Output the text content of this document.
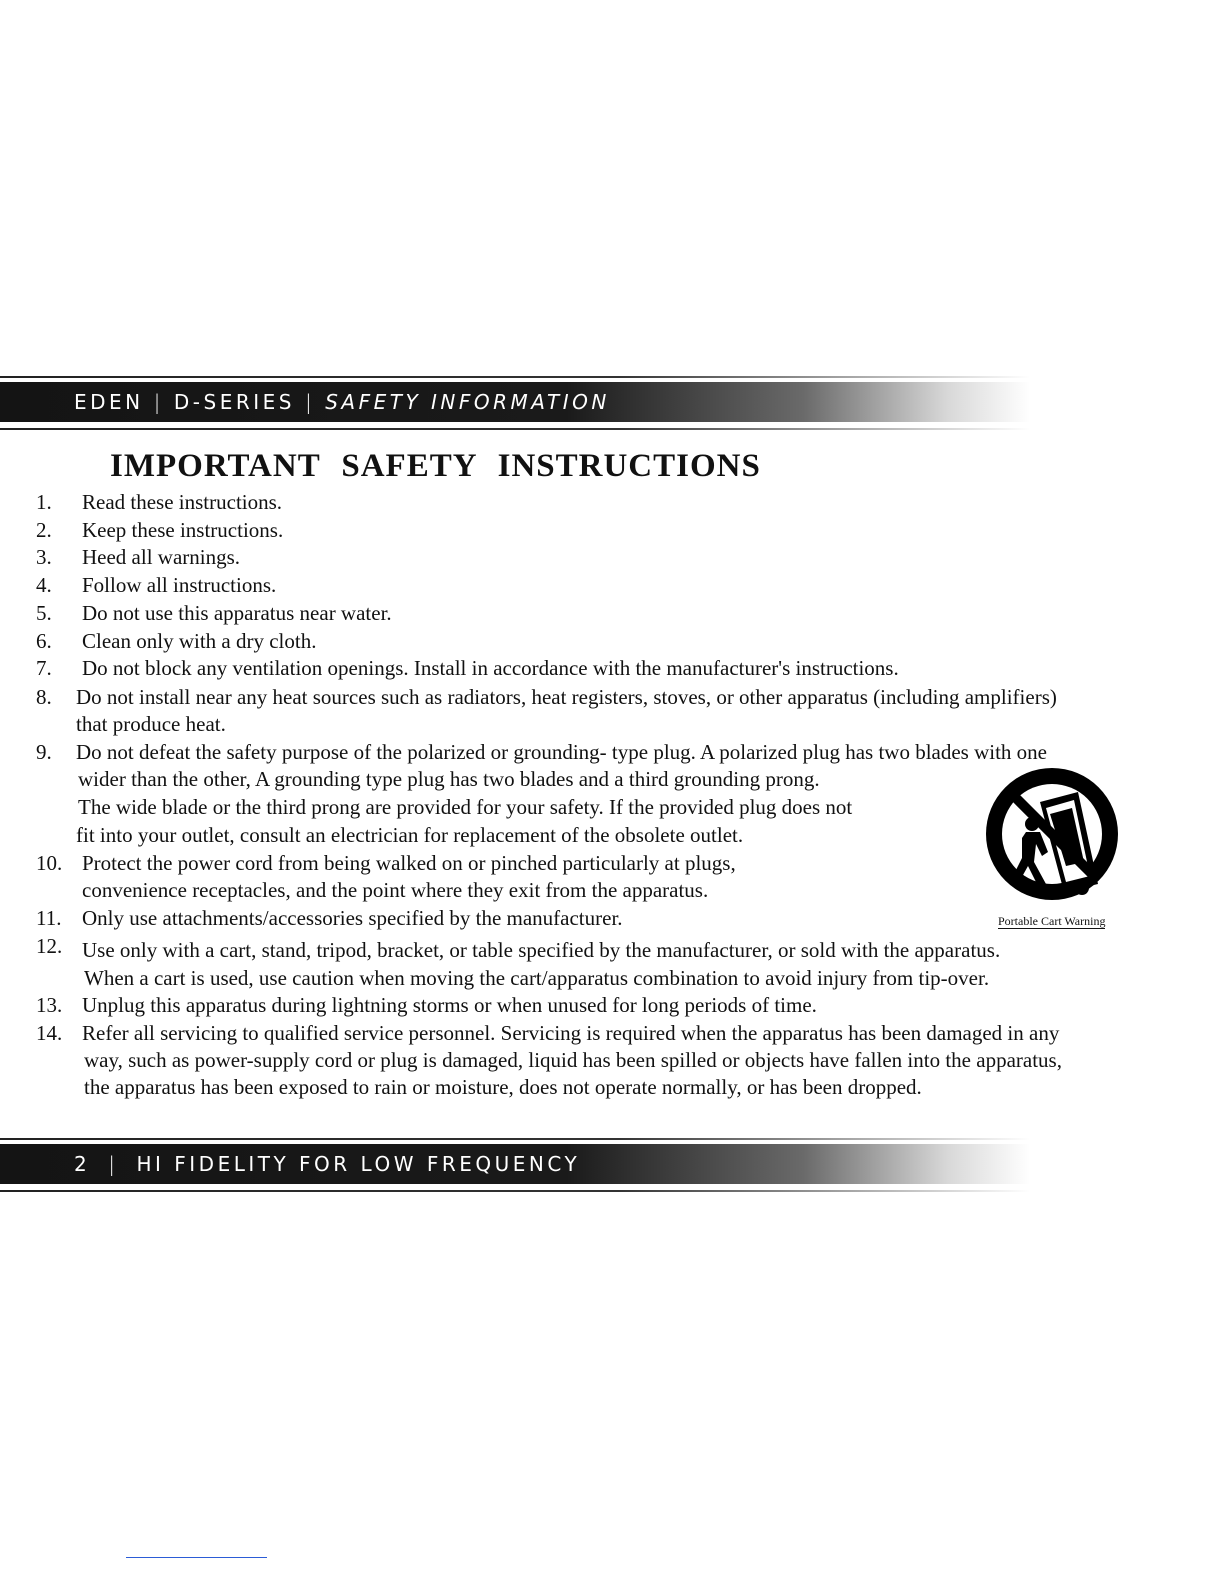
EDEN | D-SERIES | SAFETY INFORMATION
IMPORTANT SAFETY INSTRUCTIONS
1. Read these instructions.
2. Keep these instructions.
3. Heed all warnings.
4. Follow all instructions.
5. Do not use this apparatus near water.
6. Clean only with a dry cloth.
7. Do not block any ventilation openings. Install in accordance with the manufacturer's instructions.
8. Do not install near any heat sources such as radiators, heat registers, stoves, or other apparatus (including amplifiers)
that produce heat.
9. Do not defeat the safety purpose of the polarized or grounding- type plug. A polarized plug has two blades with one
wider than the other, A grounding type plug has two blades and a third grounding prong.
The wide blade or the third prong are provided for your safety. If the provided plug does not
fit into your outlet, consult an electrician for replacement of the obsolete outlet.
10. Protect the power cord from being walked on or pinched particularly at plugs,
convenience receptacles, and the point where they exit from the apparatus.
11. Only use attachments/accessories specified by the manufacturer.
12. Use only with a cart, stand, tripod, bracket, or table specified by the manufacturer, or sold with the apparatus.
When a cart is used, use caution when moving the cart/apparatus combination to avoid injury from tip-over.
13. Unplug this apparatus during lightning storms or when unused for long periods of time.
14. Refer all servicing to qualified service personnel. Servicing is required when the apparatus has been damaged in any
way, such as power-supply cord or plug is damaged, liquid has been spilled or objects have fallen into the apparatus,
the apparatus has been exposed to rain or moisture, does not operate normally, or has been dropped.
Portable Cart Warning
2 | HI FIDELITY FOR LOW FREQUENCY
